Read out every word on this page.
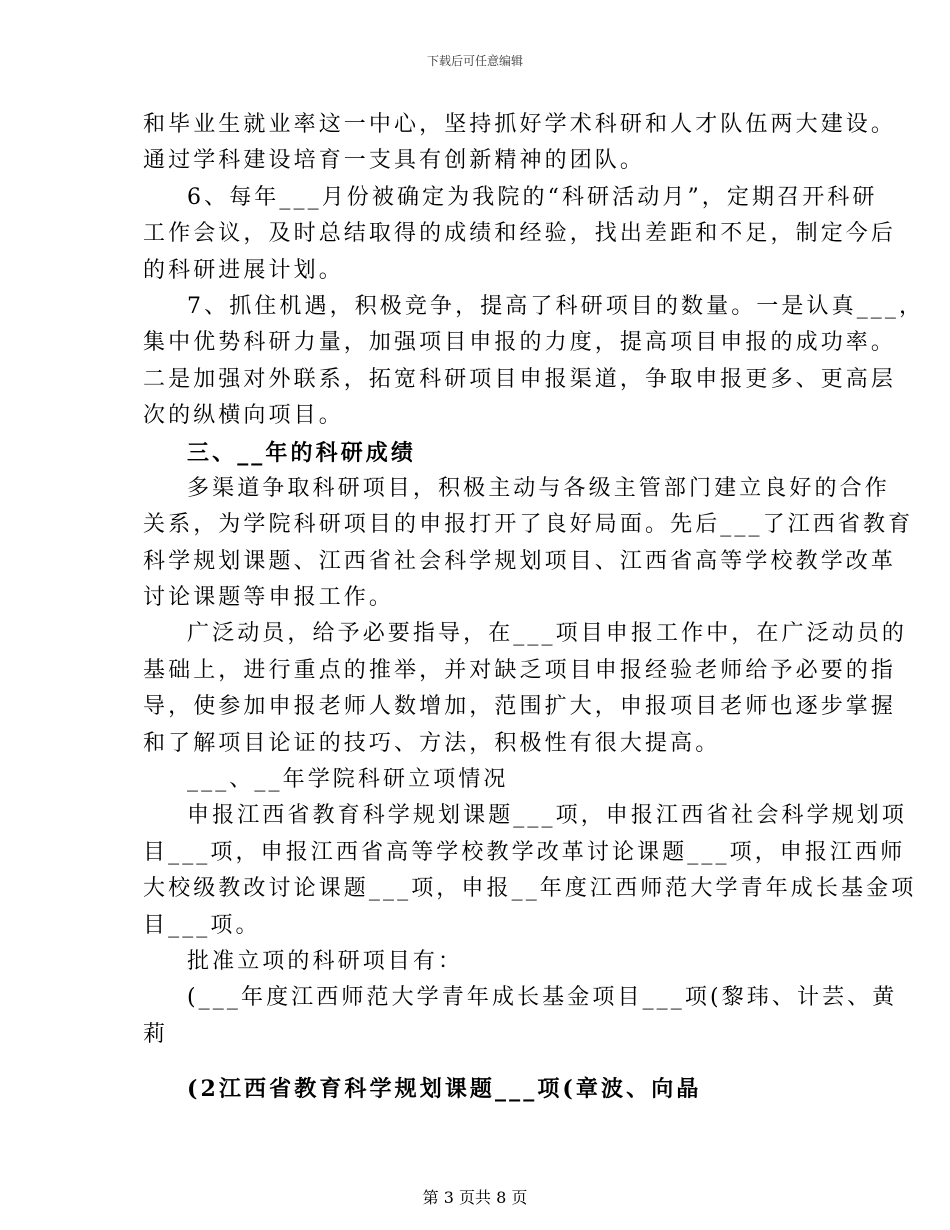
下载后可任意编辑
和毕业生就业率这一中心，坚持抓好学术科研和人才队伍两大建设。
通过学科建设培育一支具有创新精神的团队。
6、每年___月份被确定为我院的“科研活动月”，定期召开科研
工作会议，及时总结取得的成绩和经验，找出差距和不足，制定今后
的科研进展计划。
7、抓住机遇，积极竞争，提高了科研项目的数量。一是认真___，
集中优势科研力量，加强项目申报的力度，提高项目申报的成功率。
二是加强对外联系，拓宽科研项目申报渠道，争取申报更多、更高层
次的纵横向项目。
三、__年的科研成绩
多渠道争取科研项目，积极主动与各级主管部门建立良好的合作
关系，为学院科研项目的申报打开了良好局面。先后___了江西省教育
科学规划课题、江西省社会科学规划项目、江西省高等学校教学改革
讨论课题等申报工作。
广泛动员，给予必要指导，在___项目申报工作中，在广泛动员的
基础上，进行重点的推举，并对缺乏项目申报经验老师给予必要的指
导，使参加申报老师人数增加，范围扩大，申报项目老师也逐步掌握
和了解项目论证的技巧、方法，积极性有很大提高。
___、__年学院科研立项情况
申报江西省教育科学规划课题___项，申报江西省社会科学规划项
目___项，申报江西省高等学校教学改革讨论课题___项，申报江西师
大校级教改讨论课题___项，申报__年度江西师范大学青年成长基金项
目___项。
批准立项的科研项目有：
(___年度江西师范大学青年成长基金项目___项(黎玮、计芸、黄
莉
(2江西省教育科学规划课题___项(章波、向晶
第 3 页共 8 页
